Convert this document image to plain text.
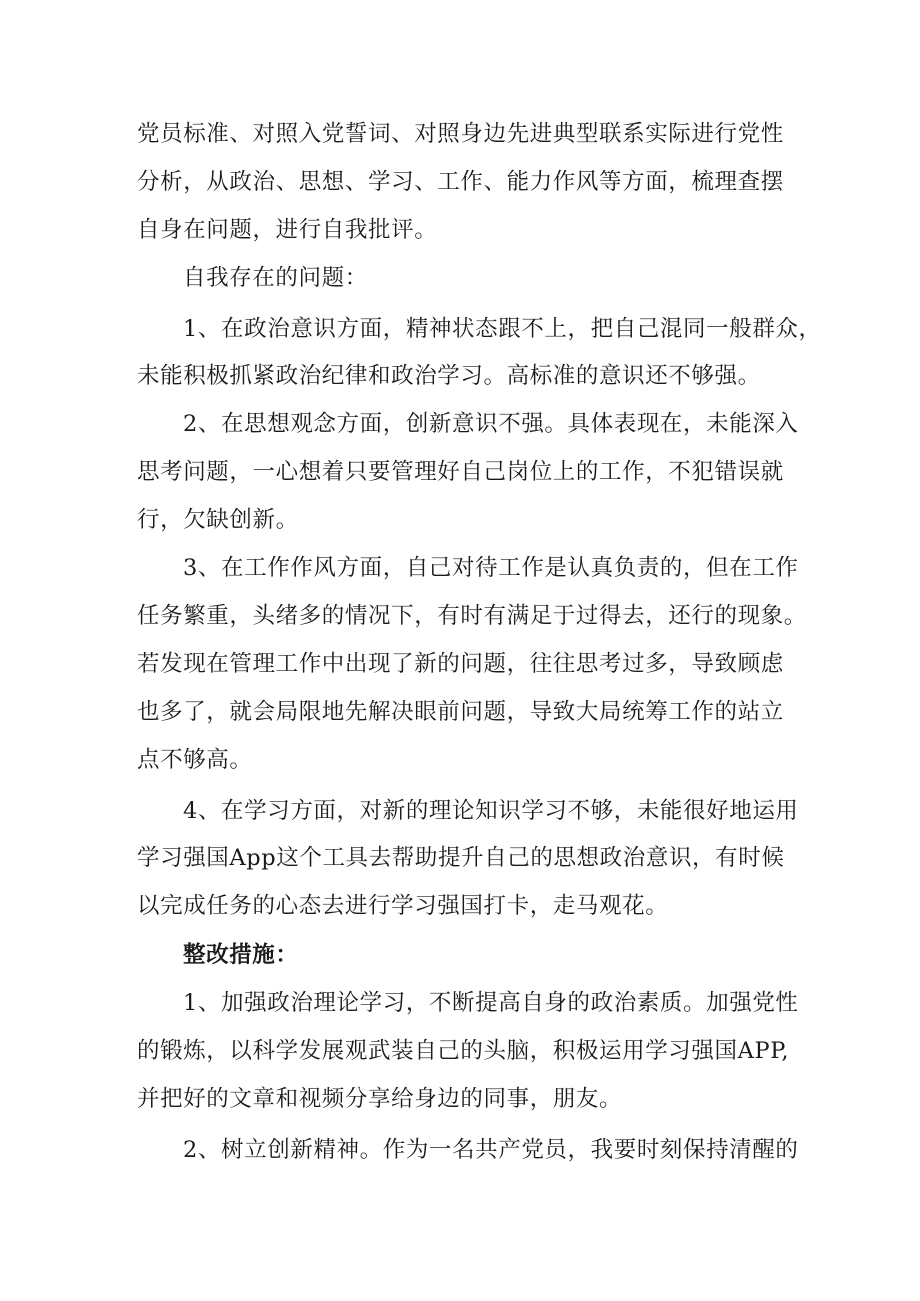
党员标准、对照入党誓词、对照身边先进典型联系实际进行党性
分析，从政治、思想、学习、工作、能力作风等方面，梳理查摆
自身在问题，进行自我批评。
自我存在的问题：
1、在政治意识方面，精神状态跟不上，把自己混同一般群众，
未能积极抓紧政治纪律和政治学习。高标准的意识还不够强。
2、在思想观念方面，创新意识不强。具体表现在，未能深入
思考问题，一心想着只要管理好自己岗位上的工作，不犯错误就
行，欠缺创新。
3、在工作作风方面，自己对待工作是认真负责的，但在工作
任务繁重，头绪多的情况下，有时有满足于过得去，还行的现象。
若发现在管理工作中出现了新的问题，往往思考过多，导致顾虑
也多了，就会局限地先解决眼前问题，导致大局统筹工作的站立
点不够高。
4、在学习方面，对新的理论知识学习不够，未能很好地运用
学习强国App这个工具去帮助提升自己的思想政治意识，有时候
以完成任务的心态去进行学习强国打卡，走马观花。
整改措施：
1、加强政治理论学习，不断提高自身的政治素质。加强党性
的锻炼，以科学发展观武装自己的头脑，积极运用学习强国APP,
并把好的文章和视频分享给身边的同事，朋友。
2、树立创新精神。作为一名共产党员，我要时刻保持清醒的
